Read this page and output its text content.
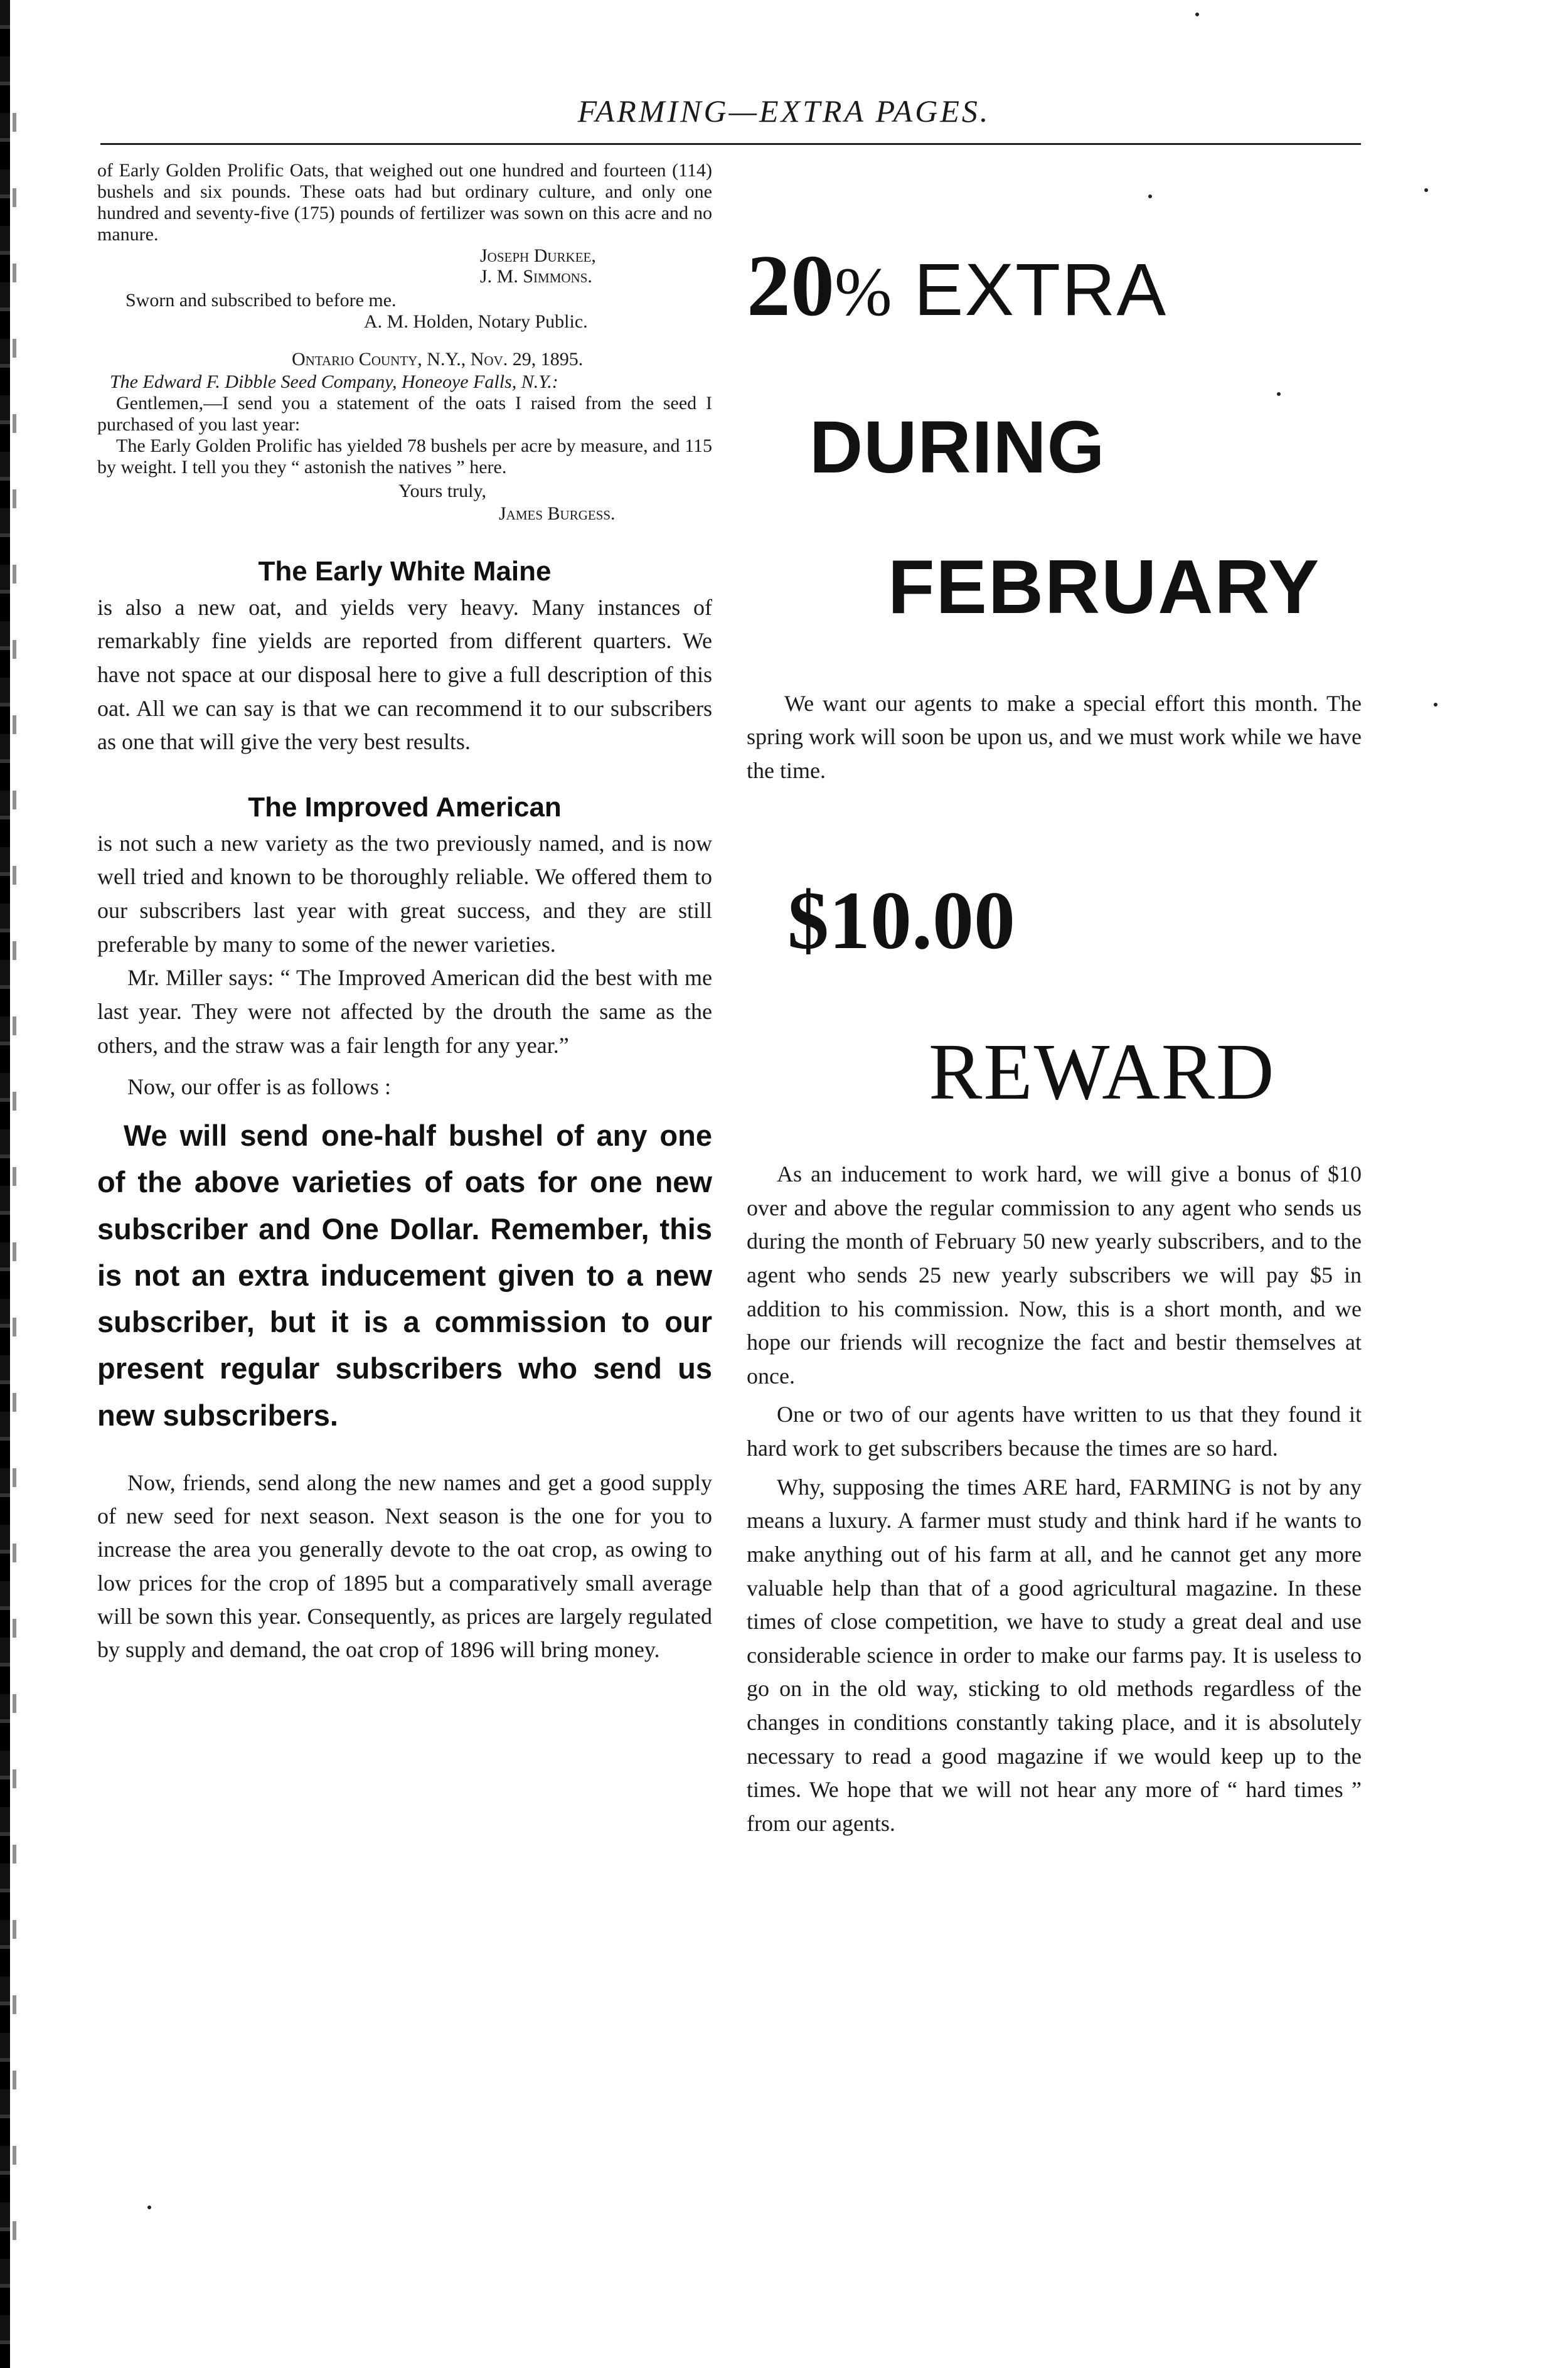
FARMING—EXTRA PAGES.

of Early Golden Prolific Oats, that weighed out one hundred and fourteen (114) bushels and six pounds. These oats had but ordinary culture, and only one hundred and seventy-five (175) pounds of fertilizer was sown on this acre and no manure.

Joseph Durkee,

J. M. Simmons.

Sworn and subscribed to before me.

A. M. Holden, Notary Public.

Ontario County, N.Y., Nov. 29, 1895.

The Edward F. Dibble Seed Company, Honeoye Falls, N.Y.:

Gentlemen,—I send you a statement of the oats I raised from the seed I purchased of you last year:

The Early Golden Prolific has yielded 78 bushels per acre by measure, and 115 by weight. I tell you they “ astonish the natives ” here.

Yours truly,

James Burgess.

The Early White Maine

is also a new oat, and yields very heavy. Many instances of remarkably fine yields are reported from different quarters. We have not space at our disposal here to give a full description of this oat. All we can say is that we can recommend it to our subscribers as one that will give the very best results.

The Improved American

is not such a new variety as the two previously named, and is now well tried and known to be thoroughly reliable. We offered them to our subscribers last year with great success, and they are still preferable by many to some of the newer varieties.

Mr. Miller says: “ The Improved American did the best with me last year. They were not affected by the drouth the same as the others, and the straw was a fair length for any year.”

Now, our offer is as follows :

We will send one-half bushel of any one of the above varieties of oats for one new subscriber and One Dollar. Remember, this is not an extra inducement given to a new subscriber, but it is a commission to our present regular subscribers who send us new subscribers.

Now, friends, send along the new names and get a good supply of new seed for next season. Next season is the one for you to increase the area you generally devote to the oat crop, as owing to low prices for the crop of 1895 but a comparatively small average will be sown this year. Consequently, as prices are largely regulated by supply and demand, the oat crop of 1896 will bring money.

20% EXTRA
DURING
FEBRUARY

We want our agents to make a special effort this month. The spring work will soon be upon us, and we must work while we have the time.

$10.00
REWARD

As an inducement to work hard, we will give a bonus of $10 over and above the regular commission to any agent who sends us during the month of February 50 new yearly subscribers, and to the agent who sends 25 new yearly subscribers we will pay $5 in addition to his commission. Now, this is a short month, and we hope our friends will recognize the fact and bestir themselves at once.

One or two of our agents have written to us that they found it hard work to get subscribers because the times are so hard.

Why, supposing the times ARE hard, FARMING is not by any means a luxury. A farmer must study and think hard if he wants to make anything out of his farm at all, and he cannot get any more valuable help than that of a good agricultural magazine. In these times of close competition, we have to study a great deal and use considerable science in order to make our farms pay. It is useless to go on in the old way, sticking to old methods regardless of the changes in conditions constantly taking place, and it is absolutely necessary to read a good magazine if we would keep up to the times. We hope that we will not hear any more of “ hard times ” from our agents.
